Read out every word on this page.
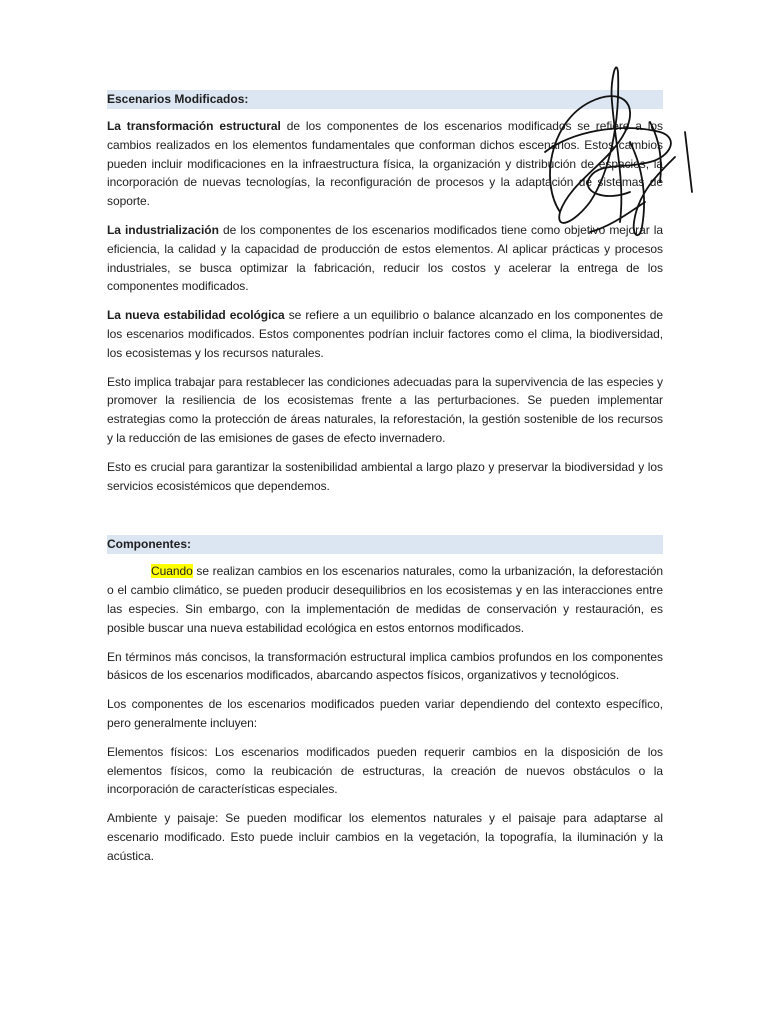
Escenarios Modificados:

La transformación estructural de los componentes de los escenarios modificados se refiere a los cambios realizados en los elementos fundamentales que conforman dichos escenarios. Estos cambios pueden incluir modificaciones en la infraestructura física, la organización y distribución de espacios, la incorporación de nuevas tecnologías, la reconfiguración de procesos y la adaptación de sistemas de soporte.

La industrialización de los componentes de los escenarios modificados tiene como objetivo mejorar la eficiencia, la calidad y la capacidad de producción de estos elementos. Al aplicar prácticas y procesos industriales, se busca optimizar la fabricación, reducir los costos y acelerar la entrega de los componentes modificados.

La nueva estabilidad ecológica se refiere a un equilibrio o balance alcanzado en los componentes de los escenarios modificados. Estos componentes podrían incluir factores como el clima, la biodiversidad, los ecosistemas y los recursos naturales.

Esto implica trabajar para restablecer las condiciones adecuadas para la supervivencia de las especies y promover la resiliencia de los ecosistemas frente a las perturbaciones. Se pueden implementar estrategias como la protección de áreas naturales, la reforestación, la gestión sostenible de los recursos y la reducción de las emisiones de gases de efecto invernadero.

Esto es crucial para garantizar la sostenibilidad ambiental a largo plazo y preservar la biodiversidad y los servicios ecosistémicos que dependemos.

Componentes:

Cuando se realizan cambios en los escenarios naturales, como la urbanización, la deforestación o el cambio climático, se pueden producir desequilibrios en los ecosistemas y en las interacciones entre las especies. Sin embargo, con la implementación de medidas de conservación y restauración, es posible buscar una nueva estabilidad ecológica en estos entornos modificados.

En términos más concisos, la transformación estructural implica cambios profundos en los componentes básicos de los escenarios modificados, abarcando aspectos físicos, organizativos y tecnológicos.

Los componentes de los escenarios modificados pueden variar dependiendo del contexto específico, pero generalmente incluyen:

Elementos físicos: Los escenarios modificados pueden requerir cambios en la disposición de los elementos físicos, como la reubicación de estructuras, la creación de nuevos obstáculos o la incorporación de características especiales.

Ambiente y paisaje: Se pueden modificar los elementos naturales y el paisaje para adaptarse al escenario modificado. Esto puede incluir cambios en la vegetación, la topografía, la iluminación y la acústica.
